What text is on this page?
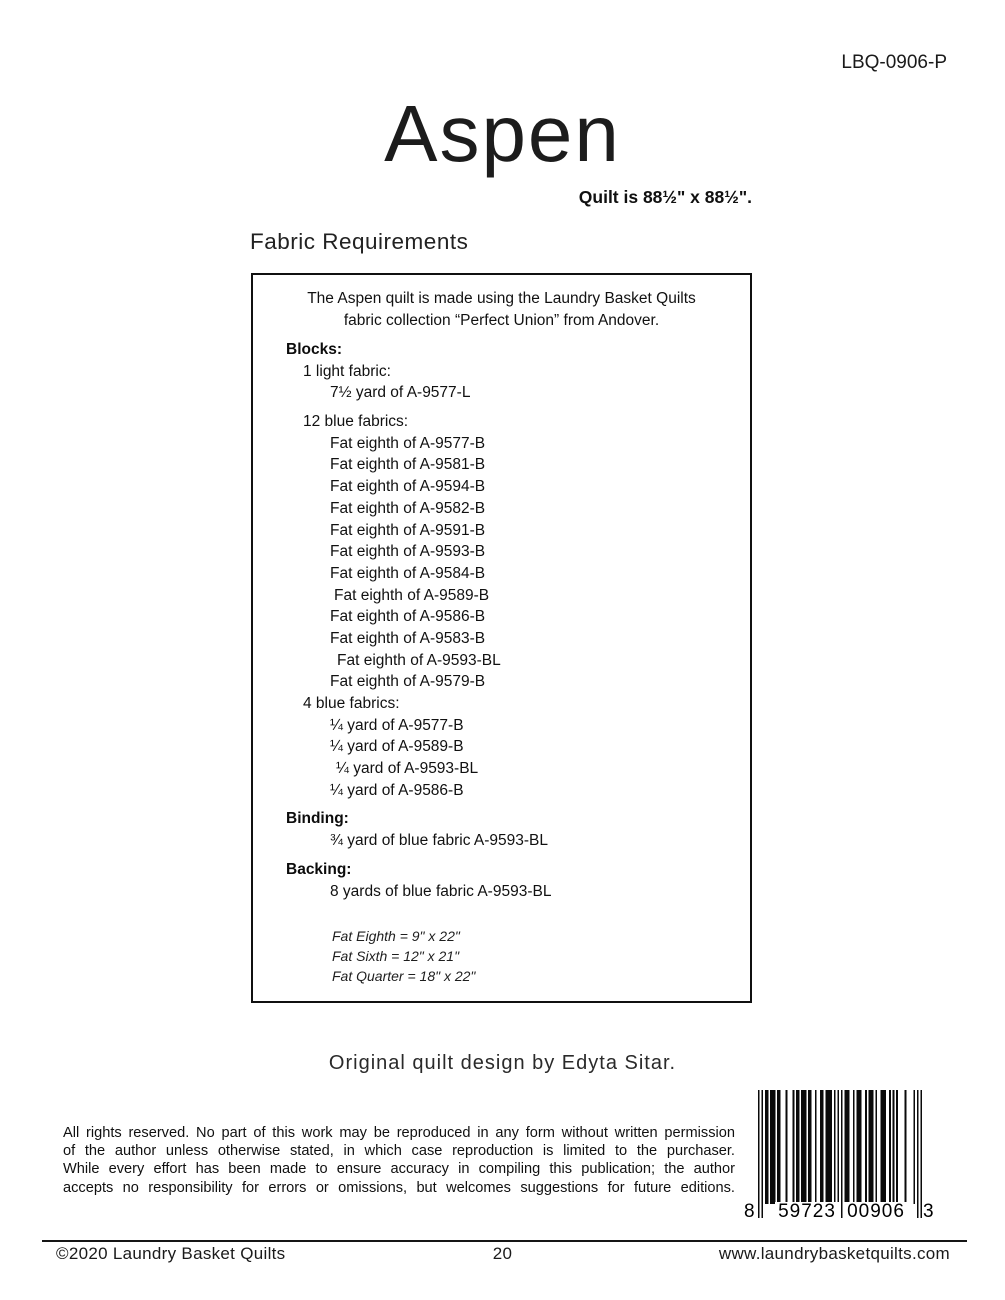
LBQ-0906-P
Aspen
Quilt is 88½" x 88½".
Fabric Requirements
The Aspen quilt is made using the Laundry Basket Quilts
fabric collection “Perfect Union” from Andover.
Blocks:
1 light fabric:
7½ yard of A-9577-L
12 blue fabrics:
Fat eighth of A-9577-B
Fat eighth of A-9581-B
Fat eighth of A-9594-B
Fat eighth of A-9582-B
Fat eighth of A-9591-B
Fat eighth of A-9593-B
Fat eighth of A-9584-B
Fat eighth of A-9589-B
Fat eighth of A-9586-B
Fat eighth of A-9583-B
Fat eighth of A-9593-BL
Fat eighth of A-9579-B
4 blue fabrics:
¼ yard of A-9577-B
¼ yard of A-9589-B
¼ yard of A-9593-BL
¼ yard of A-9586-B
Binding:
¾ yard of blue fabric A-9593-BL
Backing:
8 yards of blue fabric A-9593-BL
Fat Eighth = 9" x 22"
Fat Sixth = 12" x 21"
Fat Quarter = 18" x 22"
Original quilt design by Edyta Sitar.
All rights reserved. No part of this work may be reproduced in any form without written permission
of the author unless otherwise stated, in which case reproduction is limited to the purchaser.
While every effort has been made to ensure accuracy in compiling this publication; the author
accepts no responsibility for errors or omissions, but welcomes suggestions for future editions.
8 59723 00906 3
©2020 Laundry Basket Quilts	20	www.laundrybasketquilts.com
